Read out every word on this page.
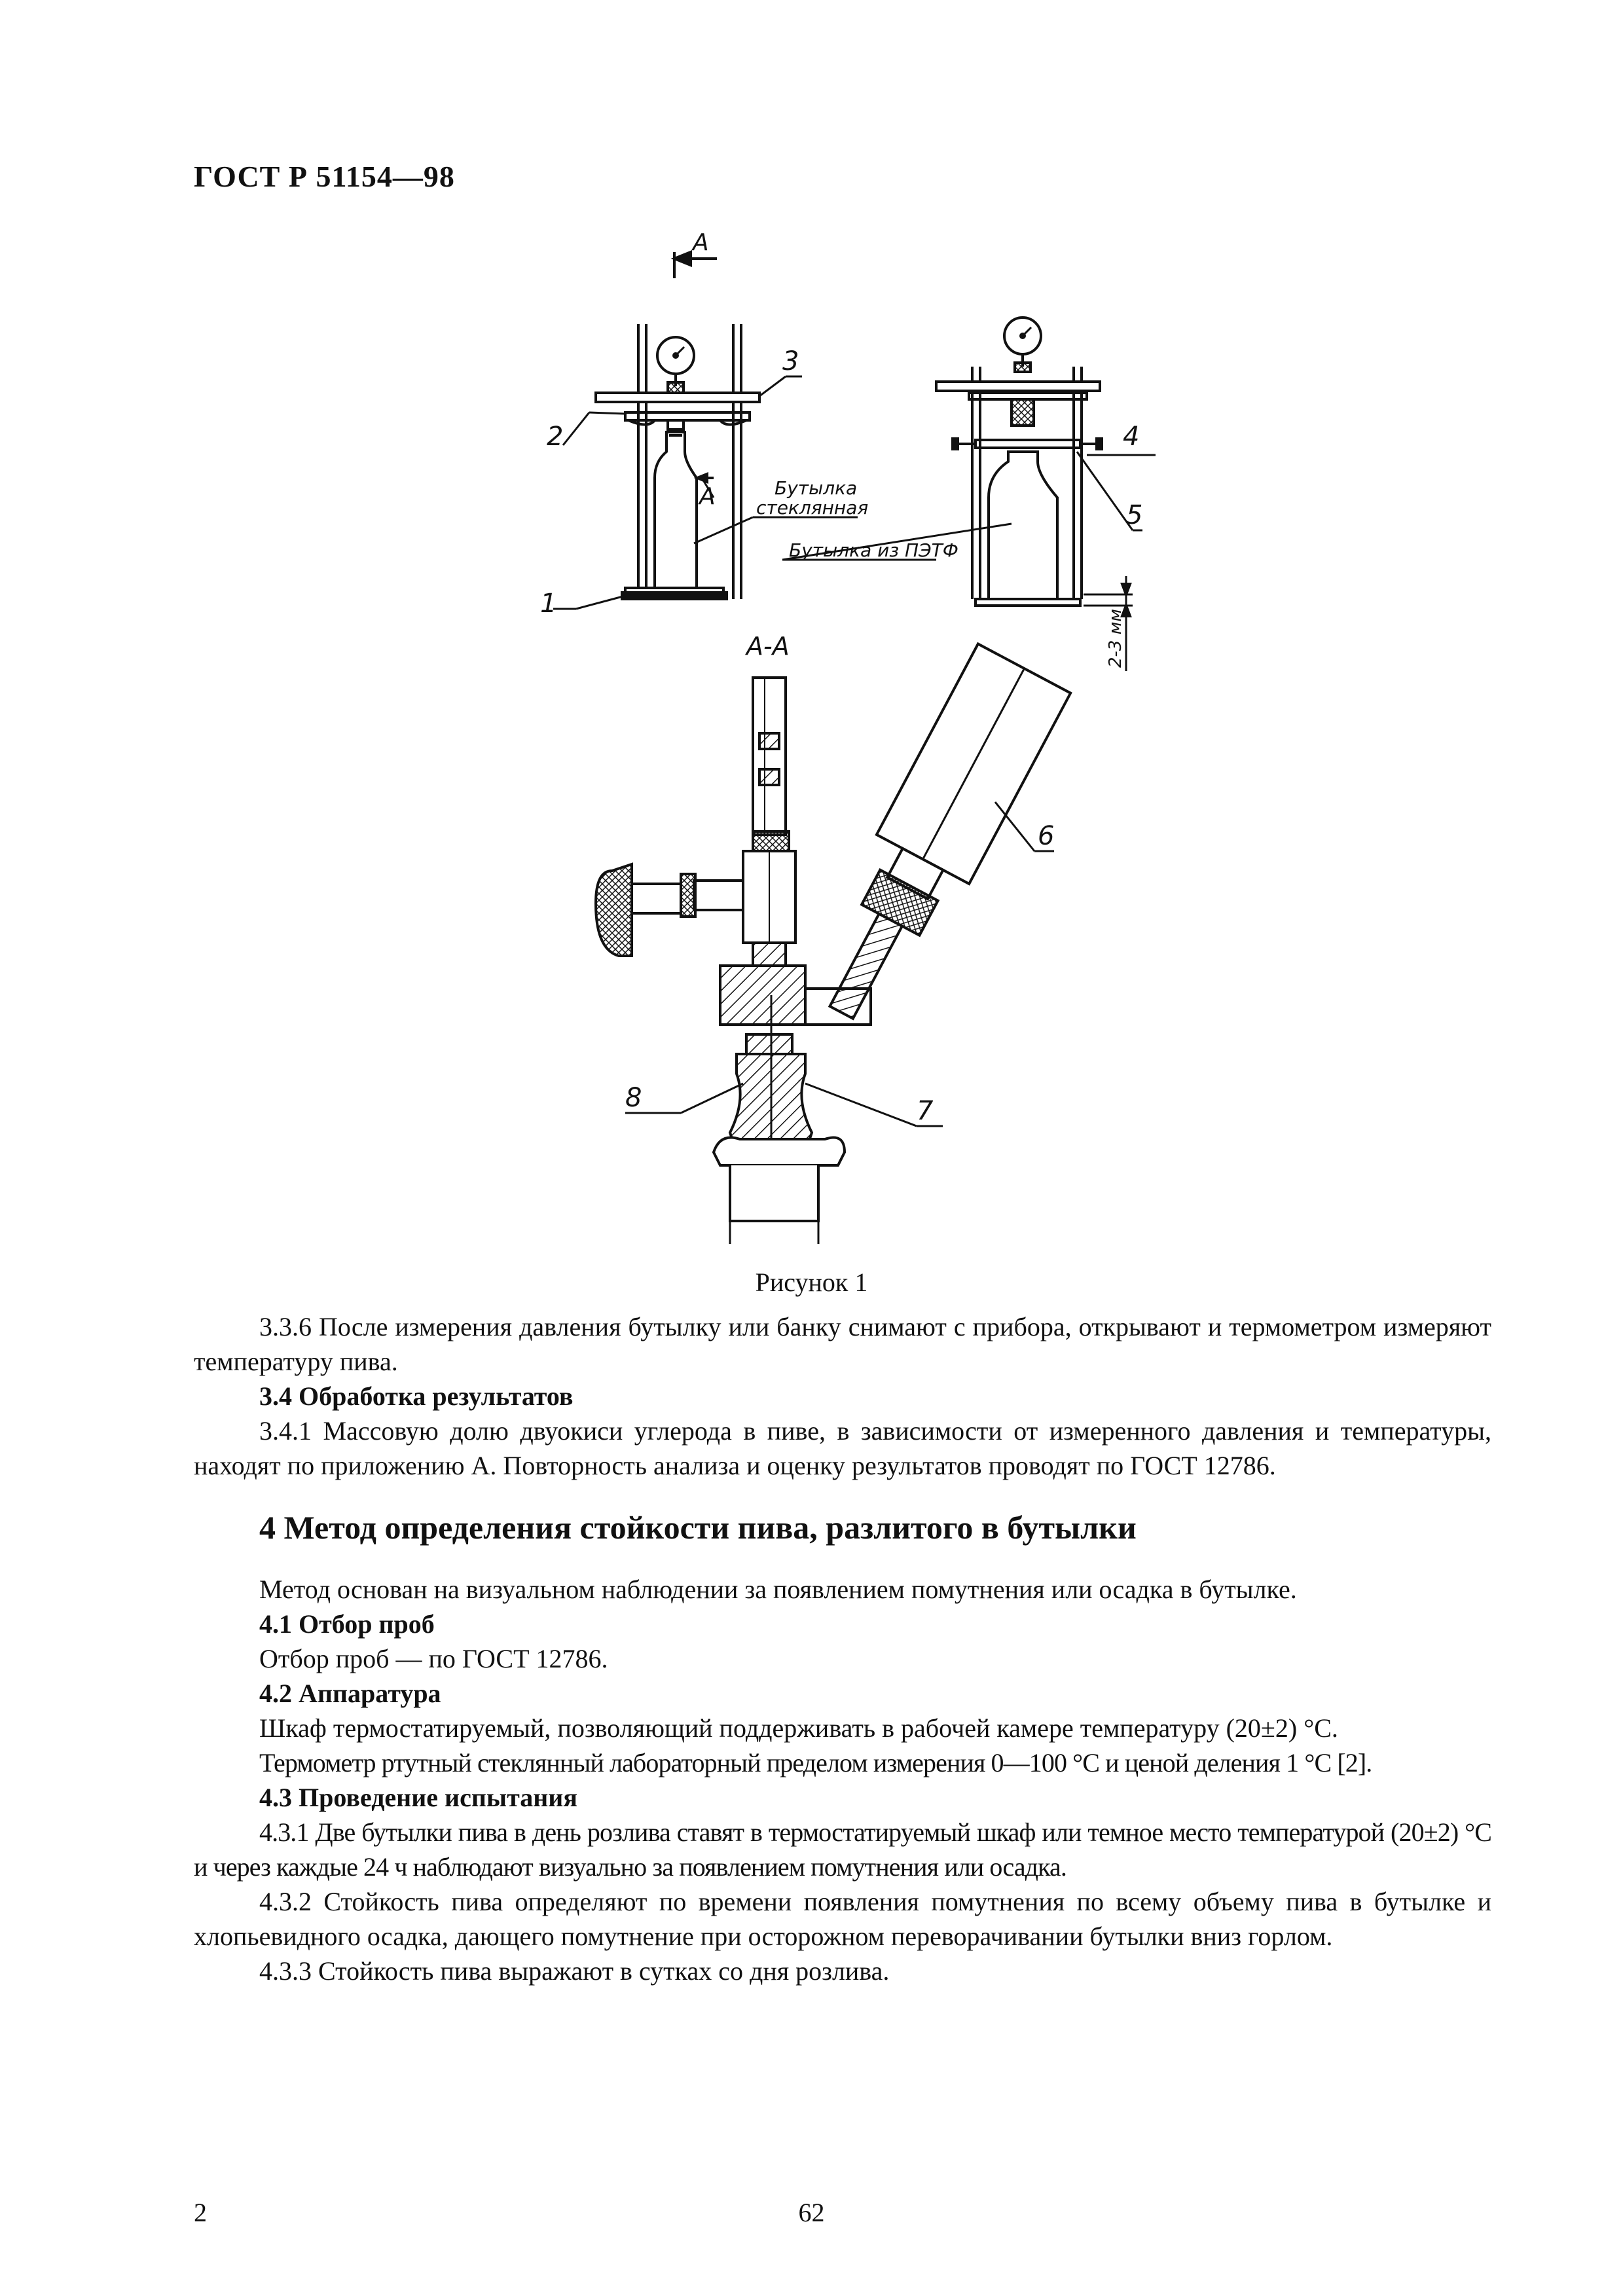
ГОСТ Р 51154—98
А
2
3
1
А	Бутылка
стеклянная
Бутылка из ПЭТФ
4
5
2-3 мм
А-А
6
8	7
Рисунок 1

3.3.6 После измерения давления бутылку или банку снимают с прибора, открывают и термометром измеряют температуру пива.

3.4 Обработка результатов

3.4.1 Массовую долю двуокиси углерода в пиве, в зависимости от измеренного давления и температуры, находят по приложению А. Повторность анализа и оценку результатов проводят по ГОСТ 12786.

4 Метод определения стойкости пива, разлитого в бутылки

Метод основан на визуальном наблюдении за появлением помутнения или осадка в бутылке.

4.1 Отбор проб

Отбор проб — по ГОСТ 12786.

4.2 Аппаратура

Шкаф термостатируемый, позволяющий поддерживать в рабочей камере температуру (20±2) °С.

Термометр ртутный стеклянный лабораторный пределом измерения 0—100 °С и ценой деления 1 °С [2].

4.3 Проведение испытания

4.3.1 Две бутылки пива в день розлива ставят в термостатируемый шкаф или темное место температурой (20±2) °С и через каждые 24 ч наблюдают визуально за появлением помутнения или осадка.

4.3.2 Стойкость пива определяют по времени появления помутнения по всему объему пива в бутылке и хлопьевидного осадка, дающего помутнение при осторожном переворачивании бутылки вниз горлом.

4.3.3 Стойкость пива выражают в сутках со дня розлива.

2	62
